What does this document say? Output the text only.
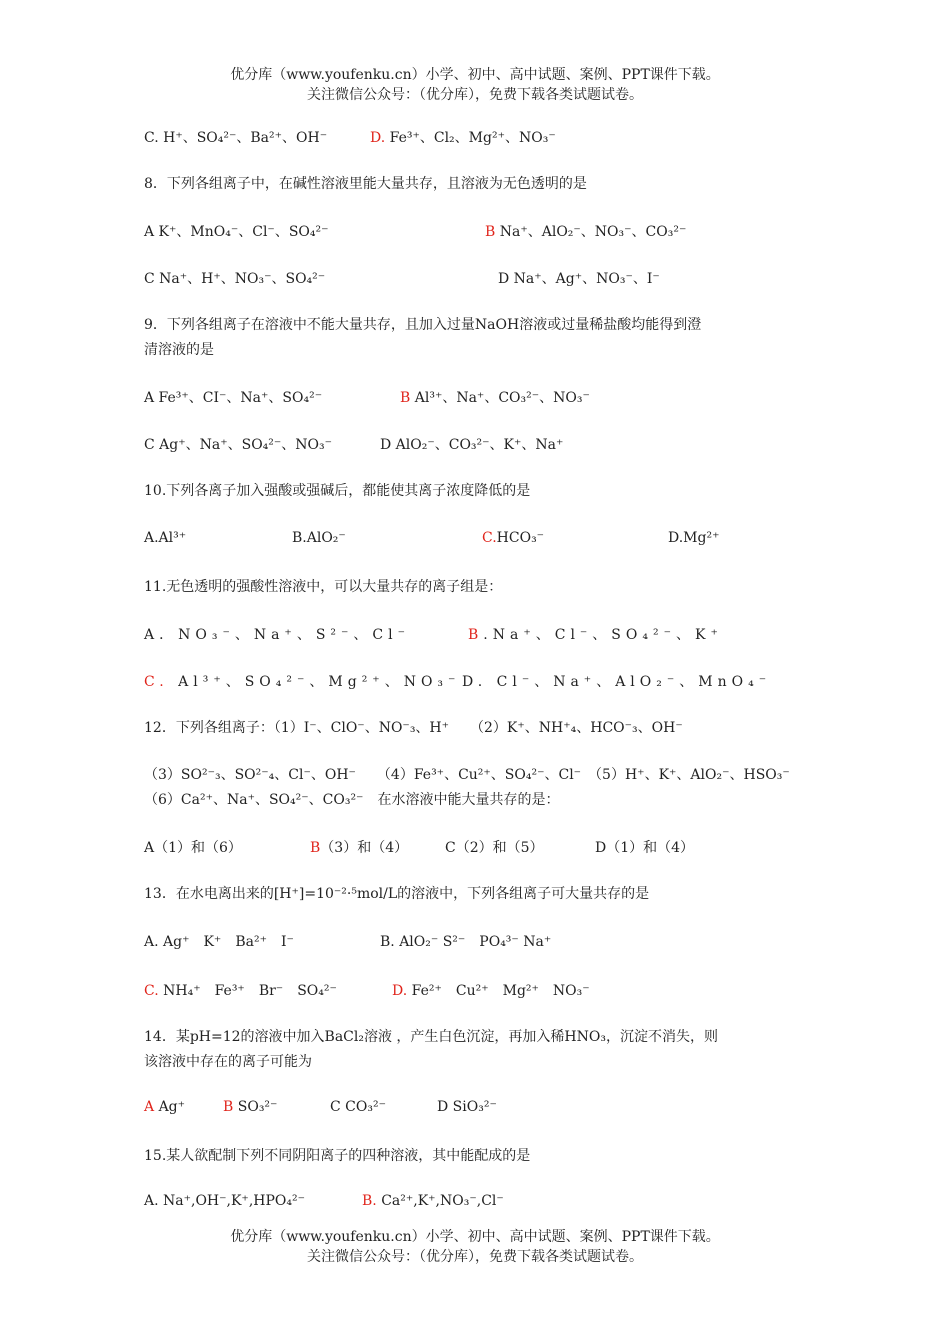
优分库（www.youfenku.cn）小学、初中、高中试题、案例、PPT课件下载。
关注微信公众号：（优分库），免费下载各类试题试卷。
C. H⁺、SO₄²⁻、Ba²⁺、OH⁻	D. Fe³⁺、Cl₂、Mg²⁺、NO₃⁻
8．下列各组离子中，在碱性溶液里能大量共存，且溶液为无色透明的是
A K⁺、MnO₄⁻、Cl⁻、SO₄²⁻	B Na⁺、AlO₂⁻、NO₃⁻、CO₃²⁻
C Na⁺、H⁺、NO₃⁻、SO₄²⁻	D Na⁺、Ag⁺、NO₃⁻、I⁻
9．下列各组离子在溶液中不能大量共存，且加入过量NaOH溶液或过量稀盐酸均能得到澄
清溶液的是
A Fe³⁺、CI⁻、Na⁺、SO₄²⁻	B Al³⁺、Na⁺、CO₃²⁻、NO₃⁻
C Ag⁺、Na⁺、SO₄²⁻、NO₃⁻	D AlO₂⁻、CO₃²⁻、K⁺、Na⁺
10.下列各离子加入强酸或强碱后，都能使其离子浓度降低的是
A.Al³⁺	B.AlO₂⁻	C.HCO₃⁻	D.Mg²⁺
11.无色透明的强酸性溶液中，可以大量共存的离子组是：
A．NO₃⁻、Na⁺、S²⁻、Cl⁻	B.Na⁺、Cl⁻、SO₄²⁻、K⁺
C. Al³⁺、SO₄²⁻、Mg²⁺、NO₃⁻ D. Cl⁻、Na⁺、AlO₂⁻、MnO₄⁻
12．下列各组离子：（1）I⁻、ClO⁻、NO⁻₃、H⁺　　（2）K⁺、NH⁺₄、HCO⁻₃、OH⁻
（3）SO²⁻₃、SO²⁻₄、Cl⁻、OH⁻　　（4）Fe³⁺、Cu²⁺、SO₄²⁻、Cl⁻　（5）H⁺、K⁺、AlO₂⁻、HSO₃⁻
（6）Ca²⁺、Na⁺、SO₄²⁻、CO₃²⁻　在水溶液中能大量共存的是：
A（1）和（6）	B（3）和（4）	C（2）和（5）	D（1）和（4）
13．在水电离出来的[H⁺]=10⁻²·⁵mol/L的溶液中，下列各组离子可大量共存的是
A. Ag⁺　K⁺　Ba²⁺　I⁻	B. AlO₂⁻ S²⁻　PO₄³⁻ Na⁺
C. NH₄⁺　Fe³⁺　Br⁻　SO₄²⁻	D. Fe²⁺　Cu²⁺　Mg²⁺　NO₃⁻
14．某pH=12的溶液中加入BaCl₂溶液 ，产生白色沉淀，再加入稀HNO₃，沉淀不消失，则
该溶液中存在的离子可能为
A Ag⁺	B SO₃²⁻	C CO₃²⁻	D SiO₃²⁻
15.某人欲配制下列不同阴阳离子的四种溶液，其中能配成的是
A. Na⁺,OH⁻,K⁺,HPO₄²⁻	B. Ca²⁺,K⁺,NO₃⁻,Cl⁻
优分库（www.youfenku.cn）小学、初中、高中试题、案例、PPT课件下载。
关注微信公众号：（优分库），免费下载各类试题试卷。
